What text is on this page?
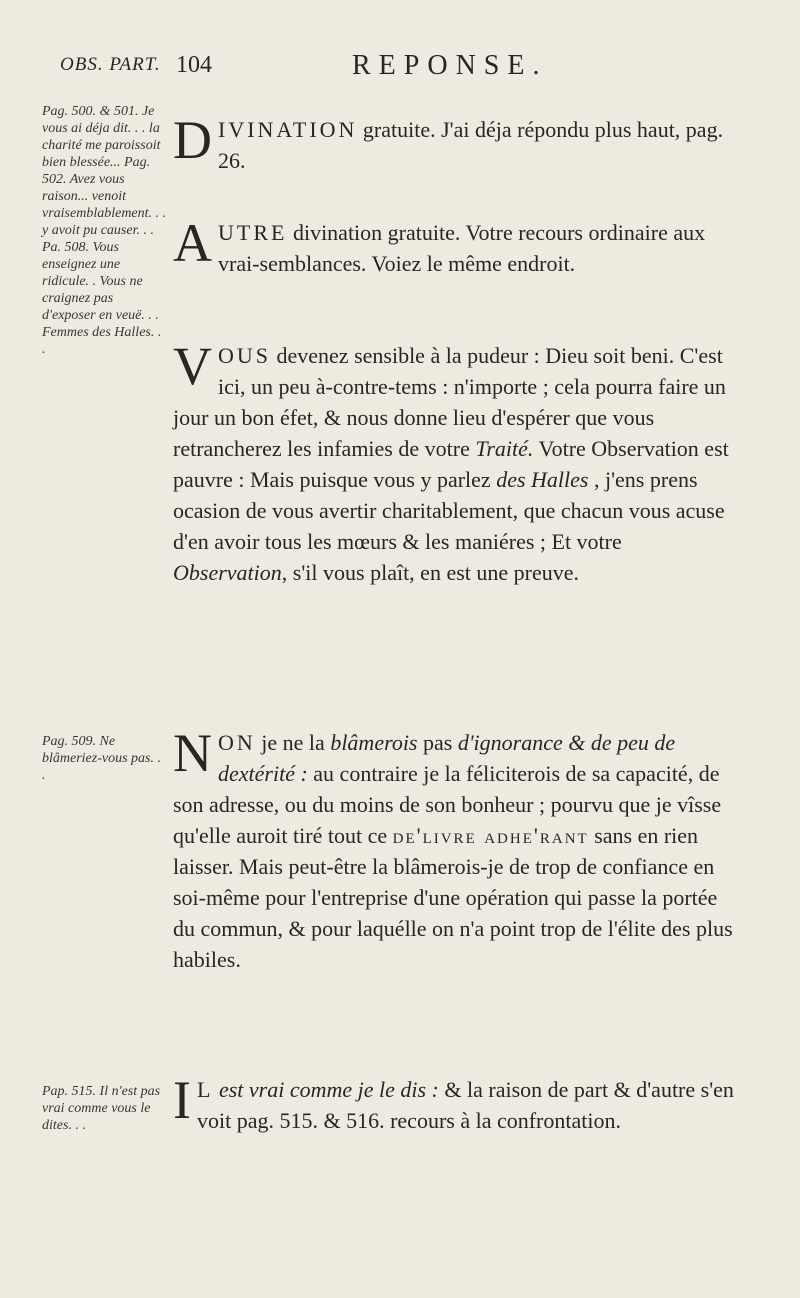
OBS. PART. 104	REPONSE.
Pag. 500. & 501. Je vous ai déja dit. . . la charité me paroissoit bien blessée... Pag. 502. Avez vous raison... venoit vraisemblablement. . . y avoit pu causer. . . Pa. 508. Vous enseignez une ridicule. . Vous ne craignez pas d'exposer en veuë. . . Femmes des Halles. . .
Pag. 509. Ne blâmeriez-vous pas. . .
Pap. 515. Il n'est pas vrai comme vous le dites. . .
DIVINATION gratuite. J'ai déja répondu plus haut, pag. 26.
AUTRE divination gratuite. Votre recours ordinaire aux vrai-semblances. Voiez le même endroit.
VOUS devenez sensible à la pudeur : Dieu soit beni. C'est ici, un peu à-contre-tems : n'importe ; cela pourra faire un jour un bon éfet, & nous donne lieu d'espérer que vous retrancherez les infamies de votre Traité. Votre Observation est pauvre : Mais puisque vous y parlez des Halles , j'ens prens ocasion de vous avertir charitablement, que chacun vous acuse d'en avoir tous les mœurs & les maniéres ; Et votre Observation, s'il vous plaît, en est une preuve.
NON je ne la blâmerois pas d'ignorance & de peu de dextérité : au contraire je la féliciterois de sa capacité, de son adresse, ou du moins de son bonheur ; pourvu que je vîsse qu'elle auroit tiré tout ce de'livre adhe'rant sans en rien laisser. Mais peut-être la blâmerois-je de trop de confiance en soi-même pour l'entreprise d'une opération qui passe la portée du commun, & pour laquélle on n'a point trop de l'élite des plus habiles.
I L est vrai comme je le dis : & la raison de part & d'autre s'en voit pag. 515. & 516. recours à la confrontation.
